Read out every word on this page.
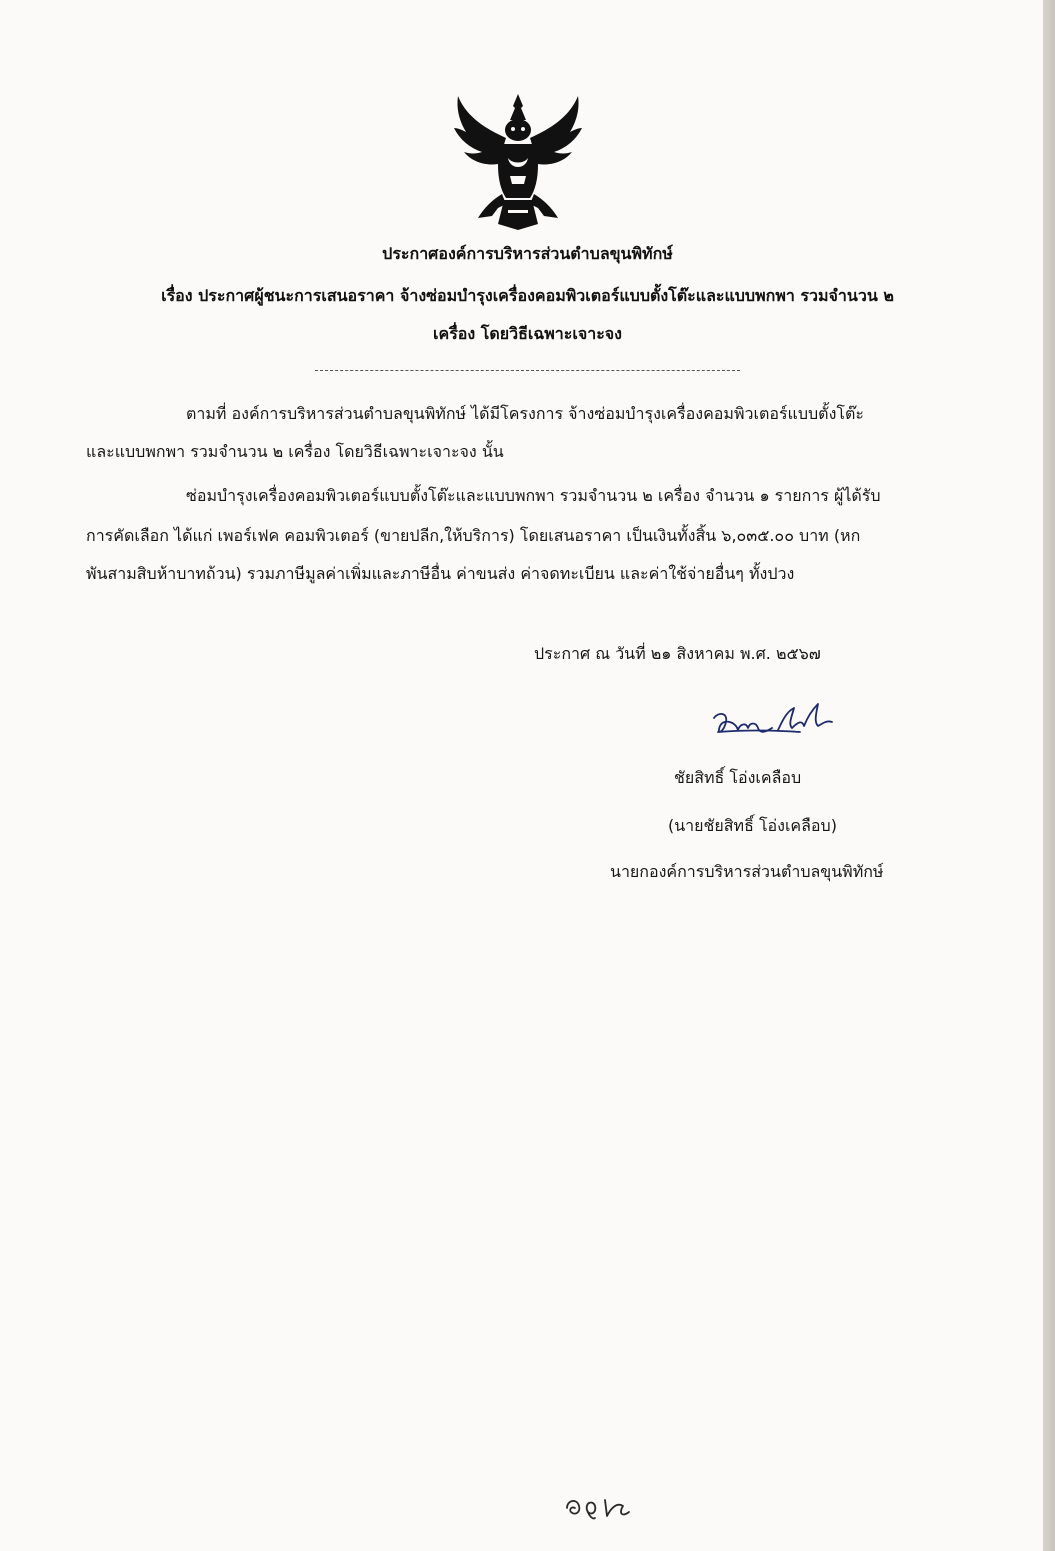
ประกาศองค์การบริหารส่วนตำบลขุนพิทักษ์
เรื่อง ประกาศผู้ชนะการเสนอราคา จ้างซ่อมบำรุงเครื่องคอมพิวเตอร์แบบตั้งโต๊ะและแบบพกพา รวมจำนวน ๒
เครื่อง โดยวิธีเฉพาะเจาะจง
ตามที่ องค์การบริหารส่วนตำบลขุนพิทักษ์ ได้มีโครงการ จ้างซ่อมบำรุงเครื่องคอมพิวเตอร์แบบตั้งโต๊ะ
และแบบพกพา รวมจำนวน ๒ เครื่อง โดยวิธีเฉพาะเจาะจง นั้น
ซ่อมบำรุงเครื่องคอมพิวเตอร์แบบตั้งโต๊ะและแบบพกพา รวมจำนวน ๒ เครื่อง จำนวน ๑ รายการ ผู้ได้รับ
การคัดเลือก ได้แก่ เพอร์เฟค คอมพิวเตอร์ (ขายปลีก,ให้บริการ) โดยเสนอราคา เป็นเงินทั้งสิ้น ๖,๐๓๕.๐๐ บาท (หก
พันสามสิบห้าบาทถ้วน) รวมภาษีมูลค่าเพิ่มและภาษีอื่น ค่าขนส่ง ค่าจดทะเบียน และค่าใช้จ่ายอื่นๆ ทั้งปวง
ประกาศ ณ วันที่ ๒๑ สิงหาคม พ.ศ. ๒๕๖๗
ชัยสิทธิ์ โอ่งเคลือบ
(นายชัยสิทธิ์ โอ่งเคลือบ)
นายกองค์การบริหารส่วนตำบลขุนพิทักษ์
